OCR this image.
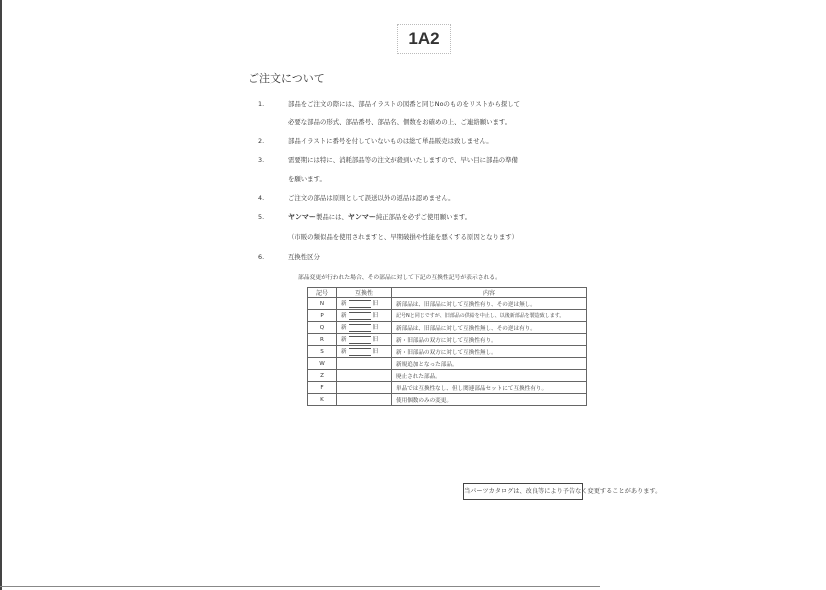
1A2
ご注文について
1.	部品をご注文の際には、部品イラストの図番と同じNoのものをリストから探して
必要な部品の形式、部品番号、部品名、個数をお確めの上、ご連絡願います。
2.	部品イラストに番号を付していないものは総て単品販売は致しません。
3.	需要期には特に、消耗部品等の注文が殺到いたしますので、早い目に部品の準備
を願います。
4.	ご注文の部品は原則として誤送以外の返品は認めません。
5.	ヤンマー製品には、ヤンマー純正部品を必ずご使用願います。
（市販の類似品を使用されますと、早期破損や性能を悪くする原因となります）
6.	互換性区分
部品変更が行われた場合、その部品に対して下記の互換性記号が表示される。
記号	互換性	内容
N	新 旧	新部品は、旧部品に対して互換性有り、その逆は無し。
P	新 旧	記号Nと同じですが、旧部品の供給を中止し、以後新部品を製造致します。
Q	新 旧	新部品は、旧部品に対して互換性無し、その逆は有り。
R	新 旧	新・旧部品の双方に対して互換性有り。
S	新 旧	新・旧部品の双方に対して互換性無し。
W		新規追加となった部品。
Z		廃止された部品。
F		単品では互換性なし、但し関連部品セットにて互換性有り。
K		使用個数のみの変更。
当パーツカタログは、改良等により予告なく変更することがあります。
